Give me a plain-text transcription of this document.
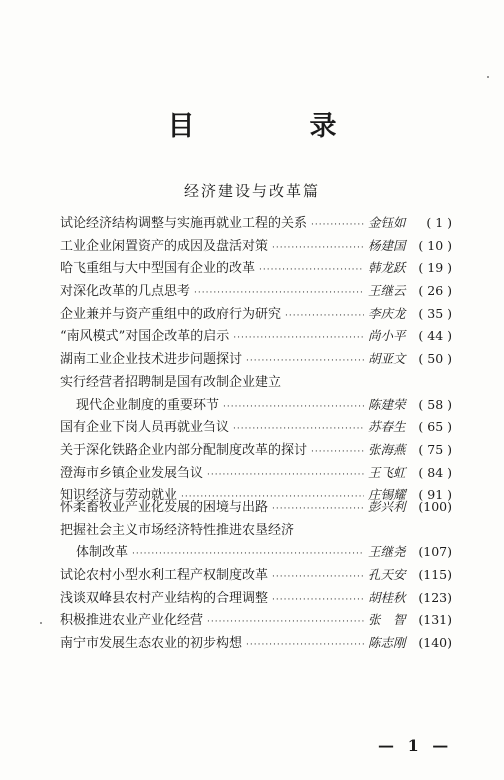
目　录
经济建设与改革篇
试论经济结构调整与实施再就业工程的关系 ·····	金钰如	( 1 )
工业企业闲置资产的成因及盘活对策 ·····	杨建国	( 10 )
哈飞重组与大中型国有企业的改革 ·····	韩龙跃	( 19 )
对深化改革的几点思考 ·····	王继云	( 26 )
企业兼并与资产重组中的政府行为研究 ·····	李庆龙	( 35 )
“南风模式”对国企改革的启示 ·····	尚小平	( 44 )
湖南工业企业技术进步问题探讨 ·····	胡亚文	( 50 )
实行经营者招聘制是国有改制企业建立
现代企业制度的重要环节 ·····	陈建荣	( 58 )
国有企业下岗人员再就业刍议 ·····	苏春生	( 65 )
关于深化铁路企业内部分配制度改革的探讨 ·····	张海燕	( 75 )
澄海市乡镇企业发展刍议 ·····	王飞虹	( 84 )
知识经济与劳动就业 ·····	庄锡耀	( 91 )
怀柔畜牧业产业化发展的困境与出路 ·····	彭兴利	(100)
把握社会主义市场经济特性推进农垦经济
体制改革 ·····	王继尧	(107)
试论农村小型水利工程产权制度改革 ·····	孔天安	(115)
浅谈双峰县农村产业结构的合理调整 ·····	胡桂秋	(123)
积极推进农业产业化经营 ·····	张　智	(131)
南宁市发展生态农业的初步构想 ·····	陈志刚	(140)
— 1 —
